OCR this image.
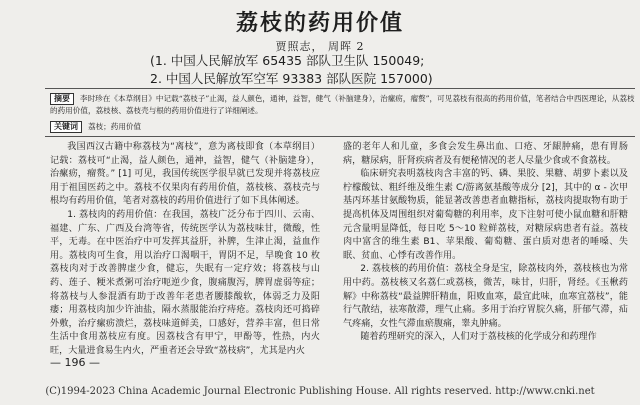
荔枝的药用价值
贾照志， 周晖 2
(1. 中国人民解放军 65435 部队卫生队 150049;
2. 中国人民解放军空军 93383 部队医院 157000)
摘要 李时珍在《本草纲目》中记载“荔枝子”止渴，益人颜色，通神，益智，健气（补脑建身），治瘰疬，瘤赘”，可见荔枝有很高的药用价值，笔者结合中西医理论，从荔枝的药用价值，荔枝核、荔枝壳与根的药用价值进行了详细阐述。
关键词 荔枝；药用价值

我国西汉古籍中称荔枝为“离枝”，意为离枝即食（本草纲目）记载：荔枝可“止渴，益人颜色，通神，益智，健气（补脑建身），治瘰疬，瘤赘。” [1] 可见，我国传统医学很早就已发现并将荔枝应用于祖国医药之中。荔枝不仅果肉有药用价值，荔枝核、荔枝壳与根均有药用价值，笔者对荔枝的药用价值进行了如下具体阐述。

1. 荔枝肉的药用价值：在我国，荔枝广泛分布于四川、云南、福建、广东、广西及台湾等省，传统医学认为荔枝味甘，微酸，性平，无毒。在中医治疗中可发挥其益肝，补脾，生津止渴，益血作用。荔枝肉可生食，用以治疗口渴咽干，胃阴不足，早晚食 10 枚荔枝肉对于改善脾虚少食，健忘，失眠有一定疗效；将荔枝与山药、莲子、粳米煮粥可治疗呃逆少食，腹痛腹泻，脾胃虚弱等症；将荔枝与人参混酒有助于改善年老患者腰膝酸软，体弱乏力及阳痿；用荔枝肉加少许油盐，隔水蒸服能治疗痔疮。荔枝肉还可捣碎外敷，治疗瘰疬溃烂，荔枝味道鲜美，口感好，营养丰富，但日常生活中食用荔枝应有度。因荔枝含有甲宁，甲酚等，性热，内火旺，大量进食易生内火，严重者还会导致“荔枝病”，尤其是内火

盛的老年人和儿童，多食会发生鼻出血、口疮、牙龈肿痛，患有胃肠病，糖尿病，肝肾疾病者及有便秘情况的老人尽量少食或不食荔枝。

临床研究表明荔枝肉含丰富的钙、磷、果胶、果糖、胡萝卜素以及柠檬酸钛、粗纤维及维生素 C/游离氨基酸等成分 [2]，其中的 α - 次甲基丙环基甘氨酸物质，能显著改善患者血糖指标，荔枝肉提取物有助于提高机体及周围组织对葡萄糖的利用率，皮下注射可使小鼠血糖和肝糖元含量明显降低，每日吃 5～10 粒鲜荔枝，对糖尿病患者有益。荔枝肉中富含的维生素 B1、苹果酸、葡萄糖、蛋白质对患者的唾嗓、失眠、贫血、心悸有改善作用。

2. 荔枝核的药用价值：荔枝全身是宝，除荔枝肉外，荔枝核也为常用中药。荔枝核又名荔仁或荔核，微苦，味甘，归肝，肾经。《玉楸药解》中称荔枝“最益脾肝精血，阳败血寒，最宜此味，血寒宜荔枝”，能行气散结，祛寒散滞，理气止痛。多用于治疗胃脘久痛，肝郁气滞，疝气疼痛，女性气滞血瘀腹痛，睾丸肿痛。

随着药理研究的深入，人们对于荔枝核的化学成分和药理作

— 196 —
(C)1994-2023 China Academic Journal Electronic Publishing House. All rights reserved. http://www.cnki.net
